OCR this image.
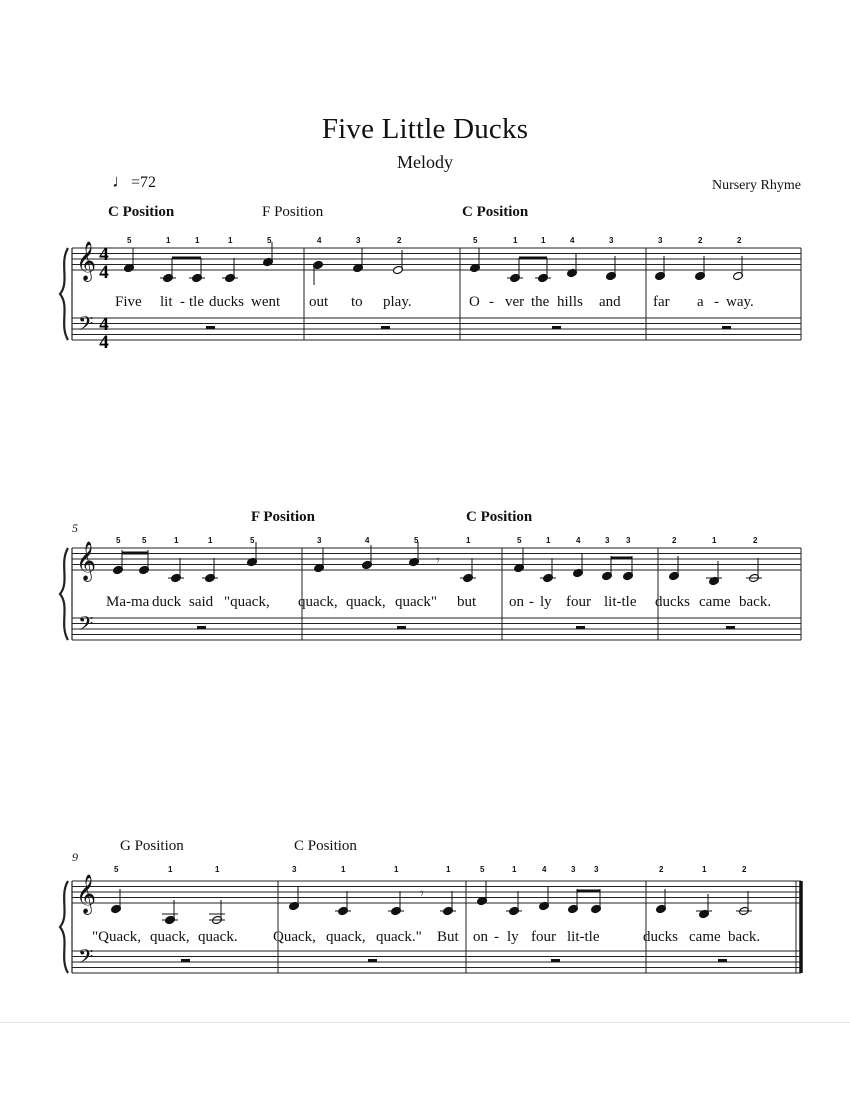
Five Little Ducks
Melody
♩=72	Nursery Rhyme
C Position	F Position	C Position
5	1	1	1	5	4	3	2	5	1	1	4	3	3	2	2
Five lit - tle ducks went out to play.	O - ver the hills and far a - way.
5
F Position	C Position
5	5	1	1	5	3	4	5	1	5	1	4	3 3	2	1	2
Ma-ma duck said "quack, quack, quack, quack" but on - ly four lit-tle ducks came back.
9
G Position	C Position
5	1	1	3	1	1	1	5	1	4	3 3	2	1	2
"Quack, quack, quack. Quack, quack, quack." But on - ly four lit-tle	ducks came back.
𝄞
𝄢
𝄞
𝄢
𝄞
𝄢
𝄾
𝄾
4
4
4
4
